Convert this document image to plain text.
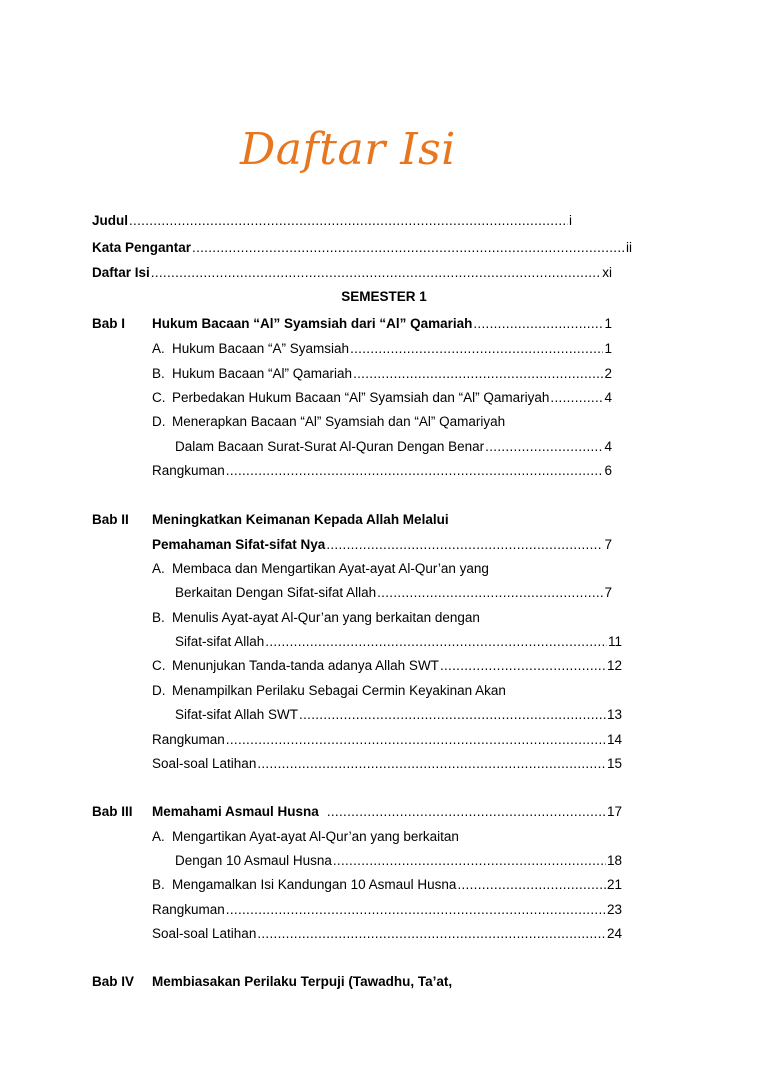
Daftar Isi
Judul .....	i
Kata Pengantar .....	ii
Daftar Isi .....	xi
SEMESTER 1
Bab I Hukum Bacaan “Al” Syamsiah dari “Al” Qamariah .....	1
A. Hukum Bacaan “A” Syamsiah .....	1
B. Hukum Bacaan “Al” Qamariah .....	2
C. Perbedakan Hukum Bacaan “Al” Syamsiah dan “Al” Qamariyah .....	4
D. Menerapkan Bacaan “Al” Syamsiah dan “Al” Qamariyah
Dalam Bacaan Surat-Surat Al-Quran Dengan Benar .....	4
Rangkuman .....	6
Bab II Meningkatkan Keimanan Kepada Allah Melalui
Pemahaman Sifat-sifat Nya .....	7
A. Membaca dan Mengartikan Ayat-ayat Al-Qur’an yang
Berkaitan Dengan Sifat-sifat Allah .....	7
B. Menulis Ayat-ayat Al-Qur’an yang berkaitan dengan
Sifat-sifat Allah .....	11
C. Menunjukan Tanda-tanda adanya Allah SWT .....	12
D. Menampilkan Perilaku Sebagai Cermin Keyakinan Akan
Sifat-sifat Allah SWT .....	13
Rangkuman .....	14
Soal-soal Latihan .....	15
Bab III Memahami Asmaul Husna .....	17
A. Mengartikan Ayat-ayat Al-Qur’an yang berkaitan
Dengan 10 Asmaul Husna .....	18
B. Mengamalkan Isi Kandungan 10 Asmaul Husna .....	21
Rangkuman .....	23
Soal-soal Latihan .....	24
Bab IV Membiasakan Perilaku Terpuji (Tawadhu, Ta’at,
